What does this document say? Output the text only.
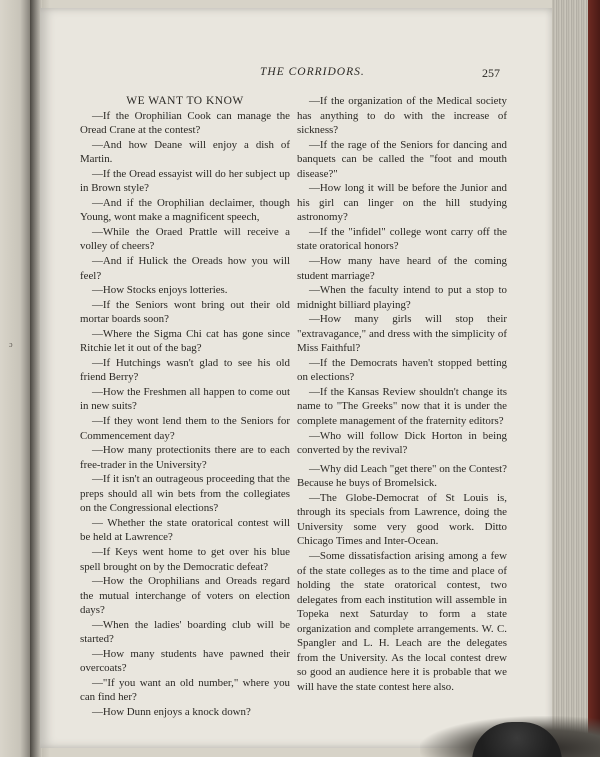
ɔ
THE CORRIDORS.	257
WE WANT TO KNOW

—If the Orophilian Cook can manage the Oread Crane at the contest?

—And how Deane will enjoy a dish of Martin.

—If the Oread essayist will do her subject up in Brown style?

—And if the Orophilian declaimer, though Young, wont make a magnificent speech,

—While the Oraed Prattle will receive a volley of cheers?

—And if Hulick the Oreads how you will feel?

—How Stocks enjoys lotteries.

—If the Seniors wont bring out their old mortar boards soon?

—Where the Sigma Chi cat has gone since Ritchie let it out of the bag?

—If Hutchings wasn't glad to see his old friend Berry?

—How the Freshmen all happen to come out in new suits?

—If they wont lend them to the Seniors for Commencement day?

—How many protectionits there are to each free-trader in the University?

—If it isn't an outrageous proceeding that the preps should all win bets from the collegiates on the Congressional elections?

— Whether the state oratorical contest will be held at Lawrence?

—If Keys went home to get over his blue spell brought on by the Democratic defeat?

—How the Orophilians and Oreads regard the mutual interchange of voters on election days?

—When the ladies' boarding club will be started?

—How many students have pawned their overcoats?

—"If you want an old number," where you can find her?

—How Dunn enjoys a knock down?

—If the organization of the Medical society has anything to do with the increase of sickness?

—If the rage of the Seniors for dancing and banquets can be called the "foot and mouth disease?"

—How long it will be before the Junior and his girl can linger on the hill studying astronomy?

—If the "infidel" college wont carry off the state oratorical honors?

—How many have heard of the coming student marriage?

—When the faculty intend to put a stop to midnight billiard playing?

—How many girls will stop their "extravagance," and dress with the simplicity of Miss Faithful?

—If the Democrats haven't stopped betting on elections?

—If the Kansas Review shouldn't change its name to "The Greeks" now that it is under the complete management of the fraternity editors?

—Who will follow Dick Horton in being converted by the revival?

—Why did Leach "get there" on the Contest? Because he buys of Bromelsick.

—The Globe-Democrat of St Louis is, through its specials from Lawrence, doing the University some very good work. Ditto Chicago Times and Inter-Ocean.

—Some dissatisfaction arising among a few of the state colleges as to the time and place of holding the state oratorical contest, two delegates from each institution will assemble in Topeka next Saturday to form a state organization and complete arrangements. W. C. Spangler and L. H. Leach are the delegates from the University. As the local contest drew so good an audience here it is probable that we will have the state contest here also.
